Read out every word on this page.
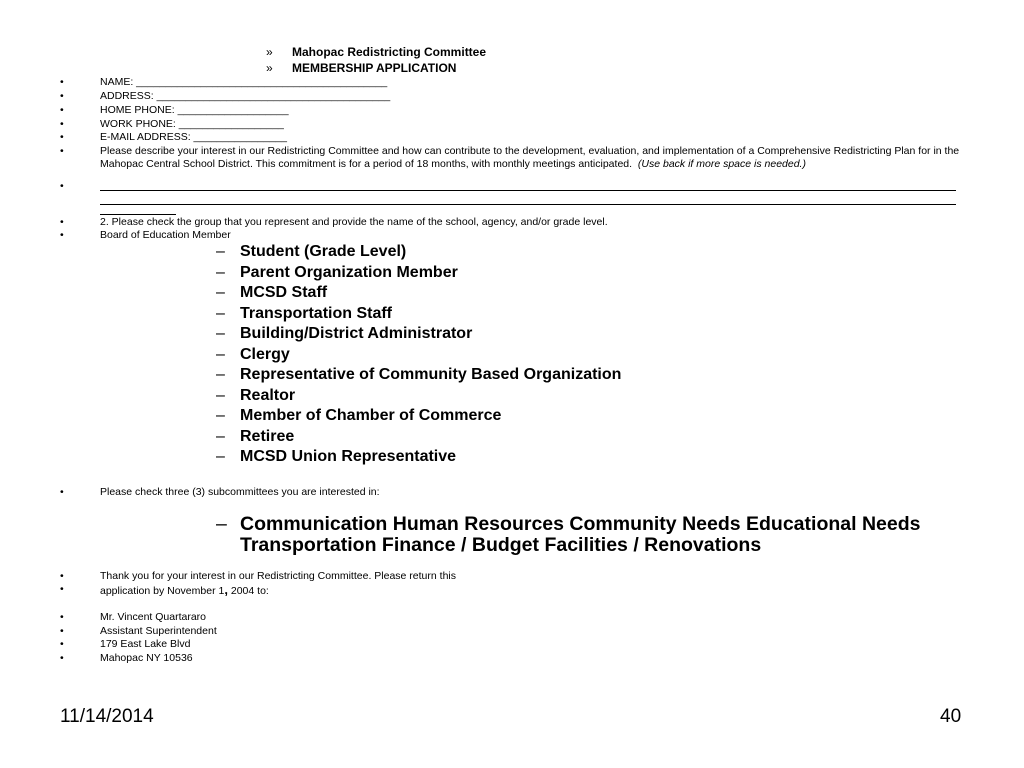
» Mahopac Redistricting Committee
» MEMBERSHIP APPLICATION
•	NAME: ___________________________________________
•	ADDRESS: ________________________________________
•	HOME PHONE: ___________________
•	WORK PHONE: __________________
•	E-MAIL ADDRESS: ________________
•	Please describe your interest in our Redistricting Committee and how can contribute to the development, evaluation, and implementation of a Comprehensive Redistricting Plan for in the Mahopac Central School District. This commitment is for a period of 18 months, with monthly meetings anticipated. (Use back if more space is needed.)
•
•	2. Please check the group that you represent and provide the name of the school, agency, and/or grade level.
•	Board of Education Member
– Student (Grade Level)
– Parent Organization Member
– MCSD Staff
– Transportation Staff
– Building/District Administrator
– Clergy
– Representative of Community Based Organization
– Realtor
– Member of Chamber of Commerce
– Retiree
– MCSD Union Representative
•	Please check three (3) subcommittees you are interested in:
– Communication Human Resources Community Needs Educational Needs Transportation Finance / Budget Facilities / Renovations
•	Thank you for your interest in our Redistricting Committee. Please return this
•	application by November 1, 2004 to:
•	Mr. Vincent Quartararo
•	Assistant Superintendent
•	179 East Lake Blvd
•	Mahopac NY 10536
11/14/2014	40
